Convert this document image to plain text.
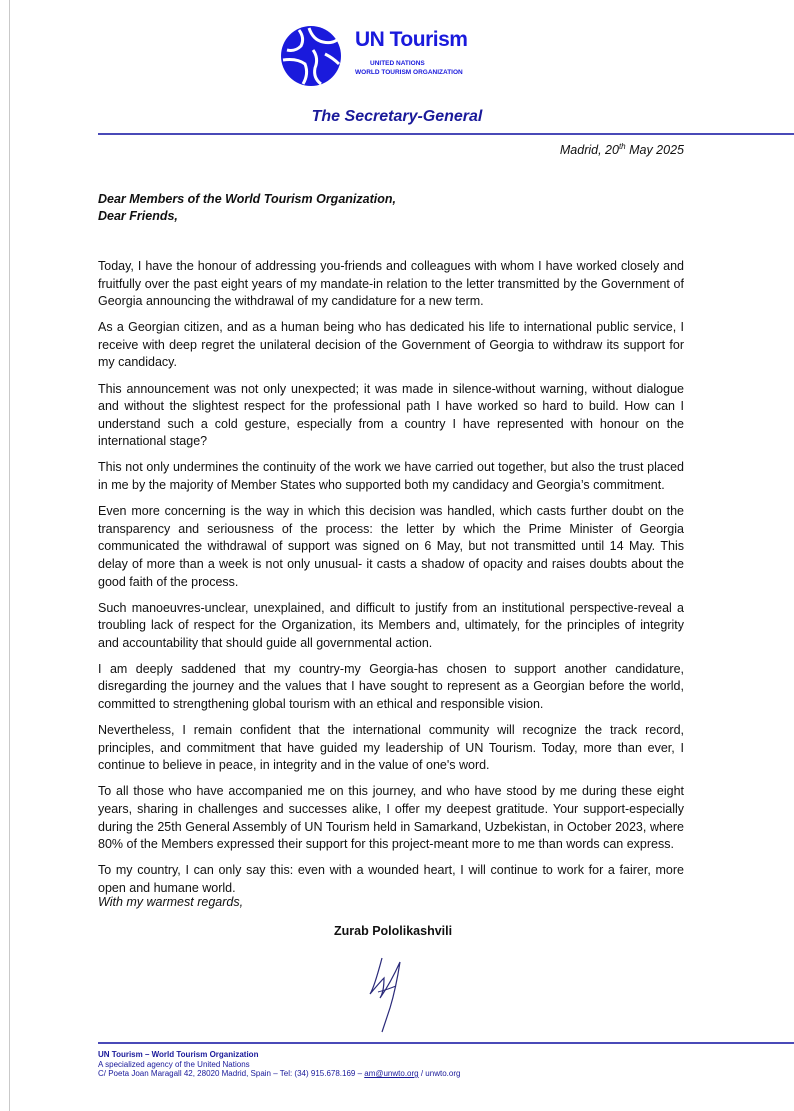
UN Tourism
UNITED NATIONS
WORLD TOURISM ORGANIZATION
The Secretary-General
Madrid, 20th May 2025
Dear Members of the World Tourism Organization,
Dear Friends,

Today, I have the honour of addressing you-friends and colleagues with whom I have worked closely and fruitfully over the past eight years of my mandate-in relation to the letter transmitted by the Government of Georgia announcing the withdrawal of my candidature for a new term.

As a Georgian citizen, and as a human being who has dedicated his life to international public service, I receive with deep regret the unilateral decision of the Government of Georgia to withdraw its support for my candidacy.

This announcement was not only unexpected; it was made in silence-without warning, without dialogue and without the slightest respect for the professional path I have worked so hard to build. How can I understand such a cold gesture, especially from a country I have represented with honour on the international stage?

This not only undermines the continuity of the work we have carried out together, but also the trust placed in me by the majority of Member States who supported both my candidacy and Georgia’s commitment.

Even more concerning is the way in which this decision was handled, which casts further doubt on the transparency and seriousness of the process: the letter by which the Prime Minister of Georgia communicated the withdrawal of support was signed on 6 May, but not transmitted until 14 May. This delay of more than a week is not only unusual- it casts a shadow of opacity and raises doubts about the good faith of the process.

Such manoeuvres-unclear, unexplained, and difficult to justify from an institutional perspective-reveal a troubling lack of respect for the Organization, its Members and, ultimately, for the principles of integrity and accountability that should guide all governmental action.

I am deeply saddened that my country-my Georgia-has chosen to support another candidature, disregarding the journey and the values that I have sought to represent as a Georgian before the world, committed to strengthening global tourism with an ethical and responsible vision.

Nevertheless, I remain confident that the international community will recognize the track record, principles, and commitment that have guided my leadership of UN Tourism. Today, more than ever, I continue to believe in peace, in integrity and in the value of one's word.

To all those who have accompanied me on this journey, and who have stood by me during these eight years, sharing in challenges and successes alike, I offer my deepest gratitude. Your support-especially during the 25th General Assembly of UN Tourism held in Samarkand, Uzbekistan, in October 2023, where 80% of the Members expressed their support for this project-meant more to me than words can express.

To my country, I can only say this: even with a wounded heart, I will continue to work for a fairer, more open and humane world.

With my warmest regards,
Zurab Pololikashvili
UN Tourism – World Tourism Organization
A specialized agency of the United Nations
C/ Poeta Joan Maragall 42, 28020 Madrid, Spain – Tel: (34) 915.678.169 – am@unwto.org / unwto.org
